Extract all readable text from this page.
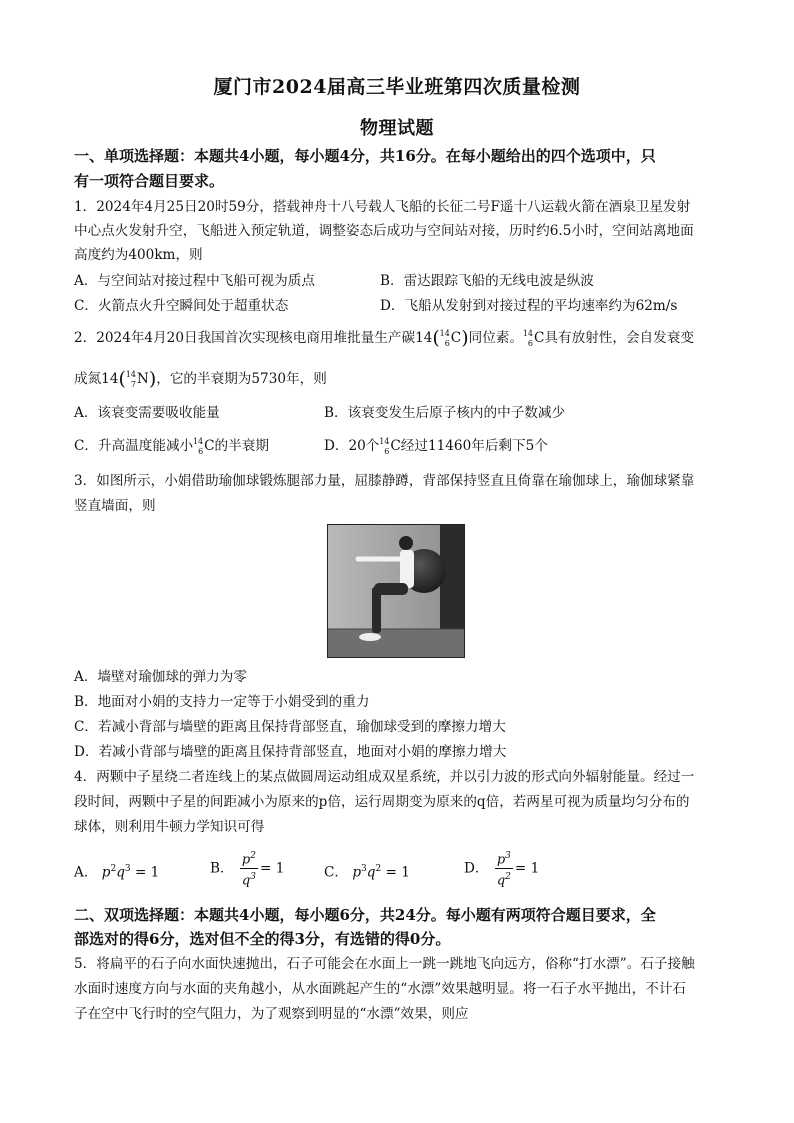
厦门市2024届高三毕业班第四次质量检测
物理试题
一、单项选择题：本题共4小题，每小题4分，共16分。在每小题给出的四个选项中，只
有一项符合题目要求。
1．2024年4月25日20时59分，搭载神舟十八号载人飞船的长征二号F遥十八运载火箭在酒泉卫星发射
中心点火发射升空，飞船进入预定轨道，调整姿态后成功与空间站对接，历时约6.5小时，空间站离地面
高度约为400km，则
A．与空间站对接过程中飞船可视为质点	B．雷达跟踪飞船的无线电波是纵波
C．火箭点火升空瞬间处于超重状态	D．飞船从发射到对接过程的平均速率约为62m/s
2．2024年4月20日我国首次实现核电商用堆批量生产碳14( 14
6 C)同位素。 14
6 C具有放射性，会自发衰变
成氮14( 14
7 N)，它的半衰期为5730年，则
A．该衰变需要吸收能量	B．该衰变发生后原子核内的中子数减少
C．升高温度能减小 14
6 C的半衰期	D．20个 14
6 C经过11460年后剩下5个
3．如图所示，小娟借助瑜伽球锻炼腿部力量，屈膝静蹲，背部保持竖直且倚靠在瑜伽球上，瑜伽球紧靠
竖直墙面，则
A．墙壁对瑜伽球的弹力为零
B．地面对小娟的支持力一定等于小娟受到的重力
C．若减小背部与墙壁的距离且保持背部竖直，瑜伽球受到的摩擦力增大
D．若减小背部与墙壁的距离且保持背部竖直，地面对小娟的摩擦力增大
4．两颗中子星绕二者连线上的某点做圆周运动组成双星系统，并以引力波的形式向外辐射能量。经过一
段时间，两颗中子星的间距减小为原来的p倍，运行周期变为原来的q倍，若两星可视为质量均匀分布的
球体，则利用牛顿力学知识可得
A． $p^2q^3 = 1$	B． $\frac{p^2}{q^3} = 1$	C． $p^3q^2 = 1$	D． $\frac{p^3}{q^2} = 1$
二、双项选择题：本题共4小题，每小题6分，共24分。每小题有两项符合题目要求，全
部选对的得6分，选对但不全的得3分，有选错的得0分。
5．将扁平的石子向水面快速抛出，石子可能会在水面上一跳一跳地飞向远方，俗称“打水漂”。石子接触
水面时速度方向与水面的夹角越小，从水面跳起产生的“水漂”效果越明显。将一石子水平抛出，不计石
子在空中飞行时的空气阻力，为了观察到明显的“水漂”效果，则应
